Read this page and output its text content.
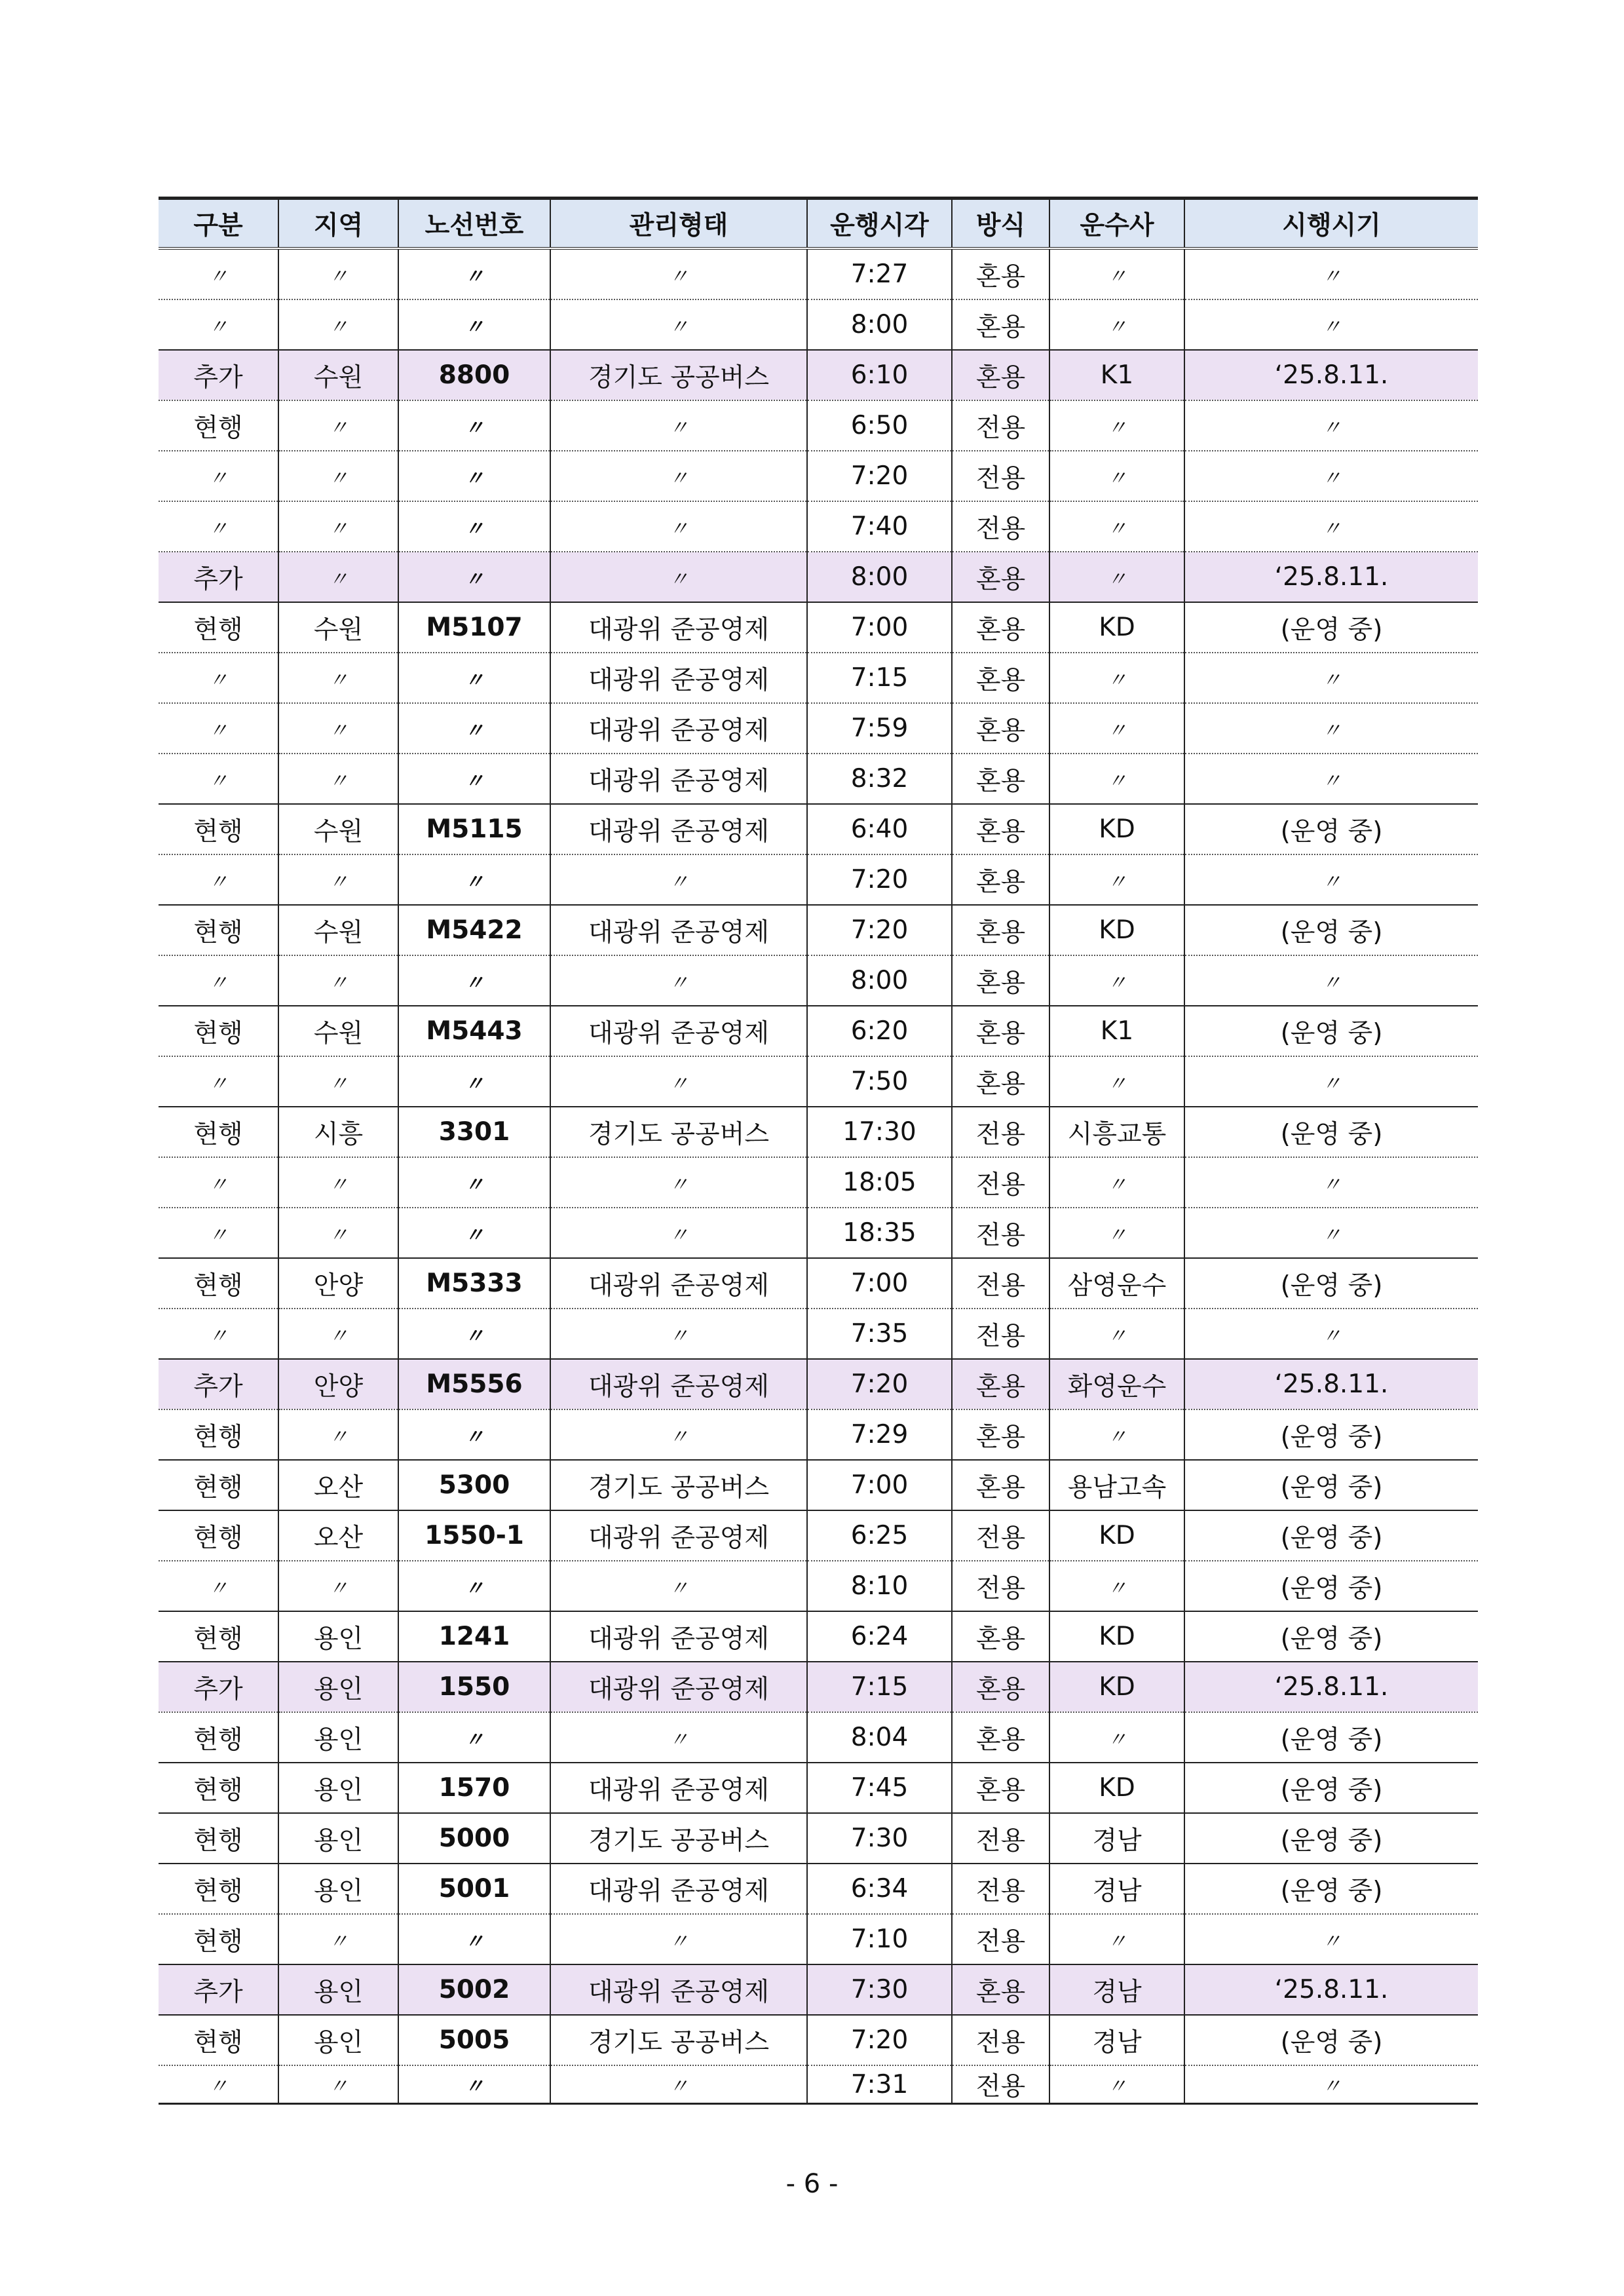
구분	지역	노선번호	관리형태	운행시각	방식	운수사	시행시기
〃	〃	〃	〃	7:27	혼용	〃	〃
〃	〃	〃	〃	8:00	혼용	〃	〃
추가	수원	8800	경기도 공공버스	6:10	혼용	K1	‘25.8.11.
현행	〃	〃	〃	6:50	전용	〃	〃
〃	〃	〃	〃	7:20	전용	〃	〃
〃	〃	〃	〃	7:40	전용	〃	〃
추가	〃	〃	〃	8:00	혼용	〃	‘25.8.11.
현행	수원	M5107	대광위 준공영제	7:00	혼용	KD	(운영 중)
〃	〃	〃	대광위 준공영제	7:15	혼용	〃	〃
〃	〃	〃	대광위 준공영제	7:59	혼용	〃	〃
〃	〃	〃	대광위 준공영제	8:32	혼용	〃	〃
현행	수원	M5115	대광위 준공영제	6:40	혼용	KD	(운영 중)
〃	〃	〃	〃	7:20	혼용	〃	〃
현행	수원	M5422	대광위 준공영제	7:20	혼용	KD	(운영 중)
〃	〃	〃	〃	8:00	혼용	〃	〃
현행	수원	M5443	대광위 준공영제	6:20	혼용	K1	(운영 중)
〃	〃	〃	〃	7:50	혼용	〃	〃
현행	시흥	3301	경기도 공공버스	17:30	전용	시흥교통	(운영 중)
〃	〃	〃	〃	18:05	전용	〃	〃
〃	〃	〃	〃	18:35	전용	〃	〃
현행	안양	M5333	대광위 준공영제	7:00	전용	삼영운수	(운영 중)
〃	〃	〃	〃	7:35	전용	〃	〃
추가	안양	M5556	대광위 준공영제	7:20	혼용	화영운수	‘25.8.11.
현행	〃	〃	〃	7:29	혼용	〃	(운영 중)
현행	오산	5300	경기도 공공버스	7:00	혼용	용남고속	(운영 중)
현행	오산	1550-1	대광위 준공영제	6:25	전용	KD	(운영 중)
〃	〃	〃	〃	8:10	전용	〃	(운영 중)
현행	용인	1241	대광위 준공영제	6:24	혼용	KD	(운영 중)
추가	용인	1550	대광위 준공영제	7:15	혼용	KD	‘25.8.11.
현행	용인	〃	〃	8:04	혼용	〃	(운영 중)
현행	용인	1570	대광위 준공영제	7:45	혼용	KD	(운영 중)
현행	용인	5000	경기도 공공버스	7:30	전용	경남	(운영 중)
현행	용인	5001	대광위 준공영제	6:34	전용	경남	(운영 중)
현행	〃	〃	〃	7:10	전용	〃	〃
추가	용인	5002	대광위 준공영제	7:30	혼용	경남	‘25.8.11.
현행	용인	5005	경기도 공공버스	7:20	전용	경남	(운영 중)
〃	〃	〃	〃	7:31	전용	〃	〃
- 6 -
